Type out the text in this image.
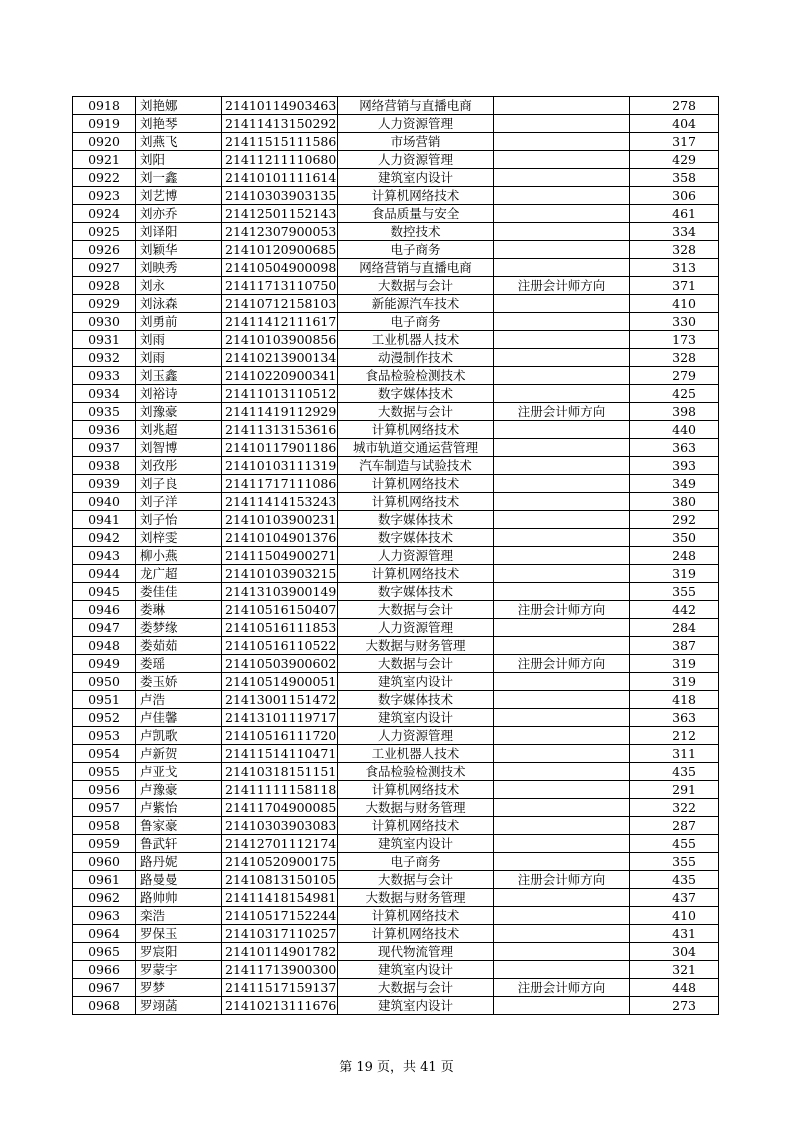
0918	刘艳娜	21410114903463	网络营销与直播电商		278
0919	刘艳琴	21411413150292	人力资源管理		404
0920	刘燕飞	21411515111586	市场营销		317
0921	刘阳	21411211110680	人力资源管理		429
0922	刘一鑫	21410101111614	建筑室内设计		358
0923	刘艺博	21410303903135	计算机网络技术		306
0924	刘亦乔	21412501152143	食品质量与安全		461
0925	刘译阳	21412307900053	数控技术		334
0926	刘颖华	21410120900685	电子商务		328
0927	刘映秀	21410504900098	网络营销与直播电商		313
0928	刘永	21411713110750	大数据与会计	注册会计师方向	371
0929	刘泳森	21410712158103	新能源汽车技术		410
0930	刘勇前	21411412111617	电子商务		330
0931	刘雨	21410103900856	工业机器人技术		173
0932	刘雨	21410213900134	动漫制作技术		328
0933	刘玉鑫	21410220900341	食品检验检测技术		279
0934	刘裕诗	21411013110512	数字媒体技术		425
0935	刘豫豪	21411419112929	大数据与会计	注册会计师方向	398
0936	刘兆超	21411313153616	计算机网络技术		440
0937	刘智博	21410117901186	城市轨道交通运营管理		363
0938	刘孜彤	21410103111319	汽车制造与试验技术		393
0939	刘子良	21411717111086	计算机网络技术		349
0940	刘子洋	21411414153243	计算机网络技术		380
0941	刘子怡	21410103900231	数字媒体技术		292
0942	刘梓雯	21410104901376	数字媒体技术		350
0943	柳小燕	21411504900271	人力资源管理		248
0944	龙广超	21410103903215	计算机网络技术		319
0945	娄佳佳	21413103900149	数字媒体技术		355
0946	娄琳	21410516150407	大数据与会计	注册会计师方向	442
0947	娄梦缘	21410516111853	人力资源管理		284
0948	娄茹茹	21410516110522	大数据与财务管理		387
0949	娄瑶	21410503900602	大数据与会计	注册会计师方向	319
0950	娄玉娇	21410514900051	建筑室内设计		319
0951	卢浩	21413001151472	数字媒体技术		418
0952	卢佳馨	21413101119717	建筑室内设计		363
0953	卢凯歌	21410516111720	人力资源管理		212
0954	卢新贺	21411514110471	工业机器人技术		311
0955	卢亚戈	21410318151151	食品检验检测技术		435
0956	卢豫豪	21411111158118	计算机网络技术		291
0957	卢紫怡	21411704900085	大数据与财务管理		322
0958	鲁家豪	21410303903083	计算机网络技术		287
0959	鲁武轩	21412701112174	建筑室内设计		455
0960	路丹妮	21410520900175	电子商务		355
0961	路曼曼	21410813150105	大数据与会计	注册会计师方向	435
0962	路帅帅	21411418154981	大数据与财务管理		437
0963	栾浩	21410517152244	计算机网络技术		410
0964	罗保玉	21410317110257	计算机网络技术		431
0965	罗宸阳	21410114901782	现代物流管理		304
0966	罗蒙宇	21411713900300	建筑室内设计		321
0967	罗梦	21411517159137	大数据与会计	注册会计师方向	448
0968	罗翊菡	21410213111676	建筑室内设计		273
第 19 页，共 41 页
